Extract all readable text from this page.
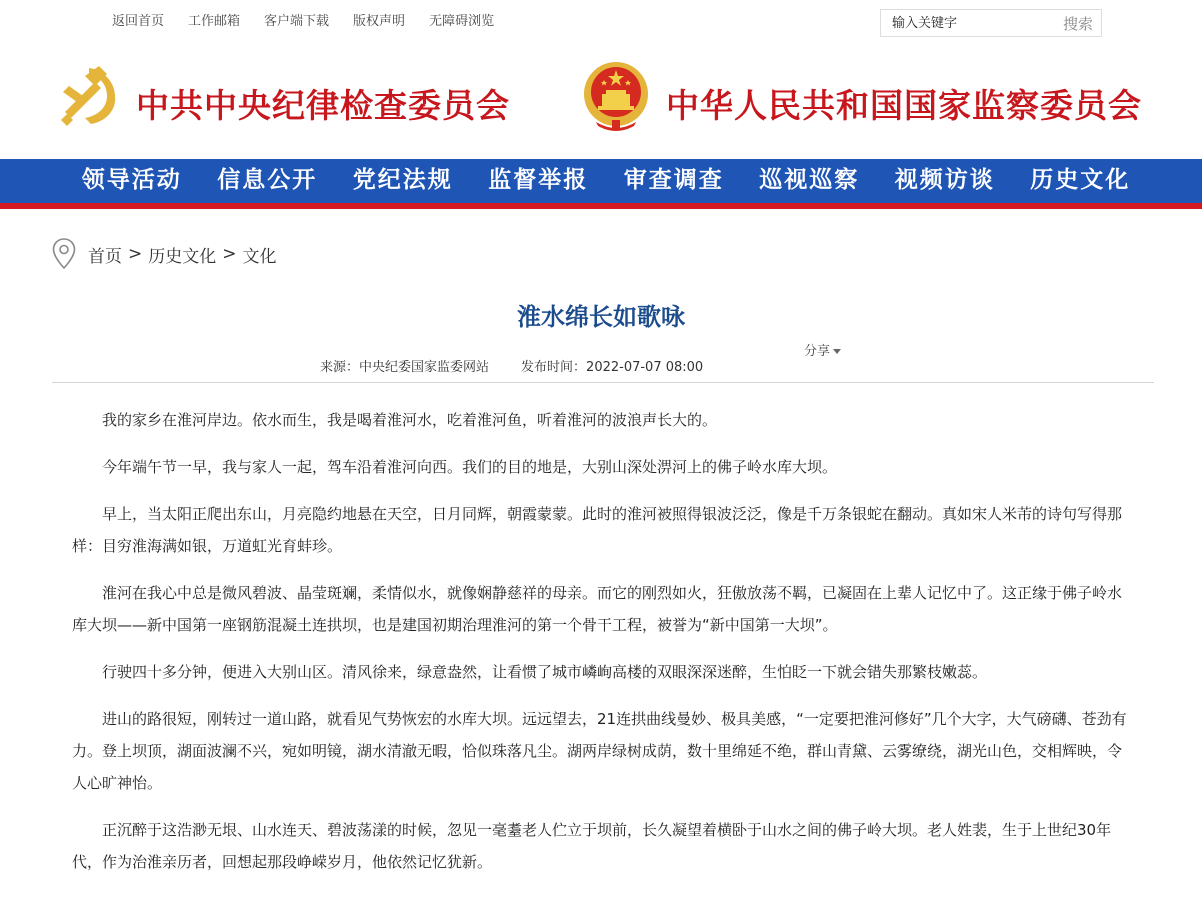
返回首页 工作邮箱 客户端下载 版权声明 无障碍浏览
输入关键字	搜索
中共中央纪律检查委员会	中华人民共和国国家监察委员会
领导活动	信息公开	党纪法规	监督举报	审查调查	巡视巡察	视频访谈	历史文化
首页 > 历史文化 > 文化
淮水绵长如歌咏
分享
来源：中央纪委国家监委网站 发布时间：2022-07-07 08:00

我的家乡在淮河岸边。依水而生，我是喝着淮河水，吃着淮河鱼，听着淮河的波浪声长大的。

今年端午节一早，我与家人一起，驾车沿着淮河向西。我们的目的地是，大别山深处淠河上的佛子岭水库大坝。

早上，当太阳正爬出东山，月亮隐约地悬在天空，日月同辉，朝霞蒙蒙。此时的淮河被照得银波泛泛，像是千万条银蛇在翻动。真如宋人米芾的诗句写得那样：目穷淮海满如银，万道虹光育蚌珍。

淮河在我心中总是微风碧波、晶莹斑斓，柔情似水，就像娴静慈祥的母亲。而它的刚烈如火，狂傲放荡不羁，已凝固在上辈人记忆中了。这正缘于佛子岭水库大坝——新中国第一座钢筋混凝土连拱坝，也是建国初期治理淮河的第一个骨干工程，被誉为“新中国第一大坝”。

行驶四十多分钟，便进入大别山区。清风徐来，绿意盎然，让看惯了城市嶙峋高楼的双眼深深迷醉，生怕眨一下就会错失那繁枝嫩蕊。

进山的路很短，刚转过一道山路，就看见气势恢宏的水库大坝。远远望去，21连拱曲线曼妙、极具美感，“一定要把淮河修好”几个大字，大气磅礴、苍劲有力。登上坝顶，湖面波澜不兴，宛如明镜，湖水清澈无暇，恰似珠落凡尘。湖两岸绿树成荫，数十里绵延不绝，群山青黛、云雾缭绕，湖光山色，交相辉映，令人心旷神怡。

正沉醉于这浩渺无垠、山水连天、碧波荡漾的时候，忽见一毫耋老人伫立于坝前，长久凝望着横卧于山水之间的佛子岭大坝。老人姓裴，生于上世纪30年代，作为治淮亲历者，回想起那段峥嵘岁月，他依然记忆犹新。
